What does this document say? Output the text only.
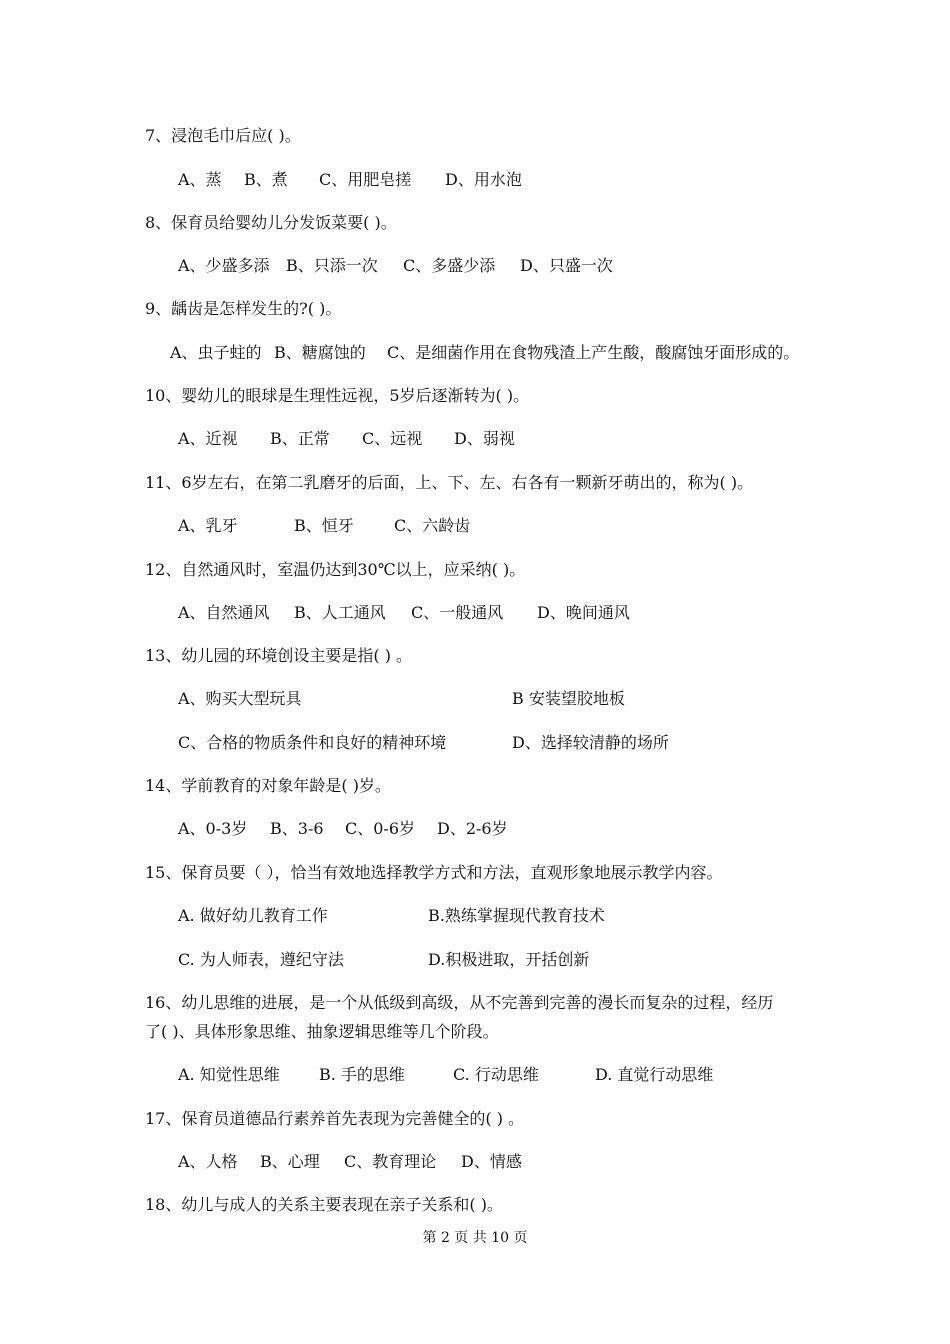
7、浸泡毛巾后应( )。
A、蒸 B、煮 C、用肥皂搓 D、用水泡
8、保育员给婴幼儿分发饭菜要( )。
A、少盛多添 B、只添一次 C、多盛少添 D、只盛一次
9、龋齿是怎样发生的?( )。
A、虫子蛀的 B、糖腐蚀的 C、是细菌作用在食物残渣上产生酸，酸腐蚀牙面形成的。
10、婴幼儿的眼球是生理性远视，5岁后逐渐转为( )。
A、近视 B、正常 C、远视 D、弱视
11、6岁左右，在第二乳磨牙的后面，上、下、左、右各有一颗新牙萌出的，称为( )。
A、乳牙	B、恒牙	C、六龄齿
12、自然通风时，室温仍达到30℃以上，应采纳( )。
A、自然通风 B、人工通风 C、一般通风 D、晚间通风
13、幼儿园的环境创设主要是指( ) 。
A、购买大型玩具	B 安装望胶地板
C、合格的物质条件和良好的精神环境	D、选择较清静的场所
14、学前教育的对象年龄是( )岁。
A、0-3岁 B、3-6 C、0-6岁 D、2-6岁
15、保育员要（ ），恰当有效地选择教学方式和方法，直观形象地展示教学内容。
A. 做好幼儿教育工作	B.熟练掌握现代教育技术
C. 为人师表，遵纪守法	D.积极进取，开括创新
16、幼儿思维的进展，是一个从低级到高级，从不完善到完善的漫长而复杂的过程，经历
了( )、具体形象思维、抽象逻辑思维等几个阶段。
A. 知觉性思维 B. 手的思维	C. 行动思维	D. 直觉行动思维
17、保育员道德品行素养首先表现为完善健全的( ) 。
A、人格 B、心理 C、教育理论 D、情感
18、幼儿与成人的关系主要表现在亲子关系和( )。
第 2 页 共 10 页
